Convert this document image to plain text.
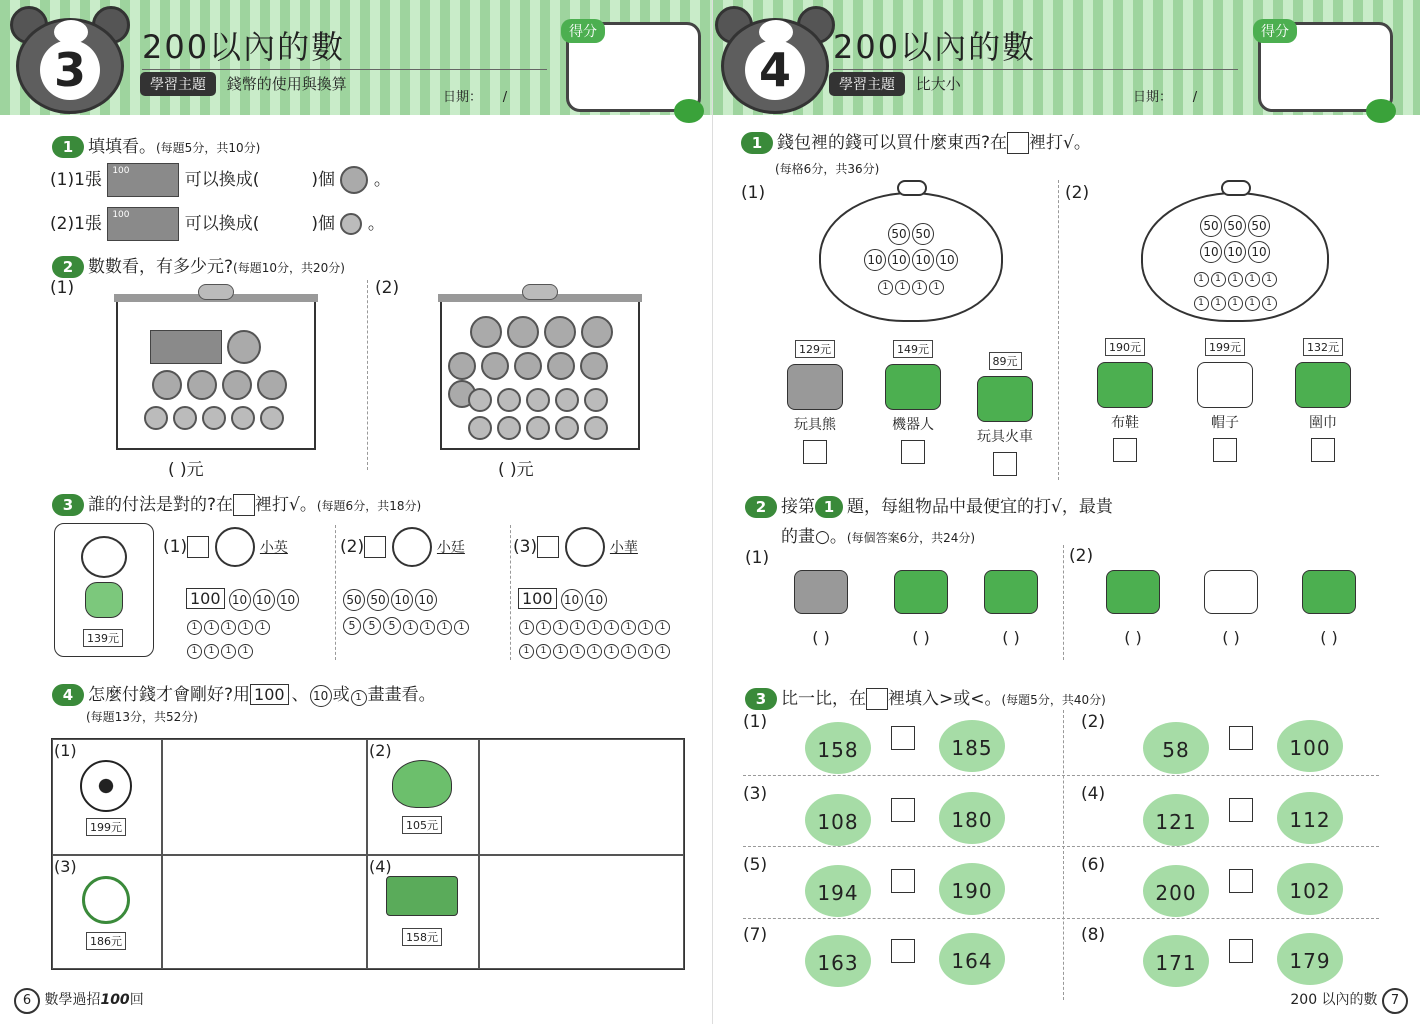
3	200以內的數
學習主題 錢幣的使用與換算
日期： /
得分
1 填填看。(每題5分，共10分)
(1)1張 100	可以換成(	)個 。
(2)1張 100	可以換成(	)個 。
2 數數看，有多少元?(每題10分，共20分)
(1)	(2)

( )元	( )元
3 誰的付法是對的?在 裡打√。(每題6分，共18分)
139元
(1)	小英
100 10 10 10
1 1 1 1 1
1 1 1 1
(2)	小廷
50 50 10 10
5 5 5 1 1 1 1
(3)	小華
100 10 10
1 1 1 1 1 1 1 1 1
1 1 1 1 1 1 1 1 1
4 怎麼付錢才會剛好?用 100 、 10 或 1 畫畫看。
(每題13分，共52分)
(1)
199元
(2)
105元
(3)
186元
(4)
158元
6 數學過招100回
4	200以內的數
學習主題 比大小
日期： /
得分
1 錢包裡的錢可以買什麼東西?在 裡打√。
(每格6分，共36分)
(1)	(2)
50 50
10 10 10 10
1 1 1 1
50 50 50
10 10 10
1 1 1 1 1
1 1 1 1 1
129元
玩具熊
149元
機器人
89元
玩具火車
190元
布鞋
199元
帽子
132元
圍巾
2 接第 1 題，每組物品中最便宜的打√，最貴
的畫○。(每個答案6分，共24分)
(1)	(2)
( )	( )	( )	( )	( )	( )
3 比一比，在 裡填入>或<。(每題5分，共40分)
(1)
158	185
(2)
58	100
(3)
108	180
(4)
121	112
(5)
194	190
(6)
200	102
(7)
163	164
(8)
171	179
200 以內的數 7
